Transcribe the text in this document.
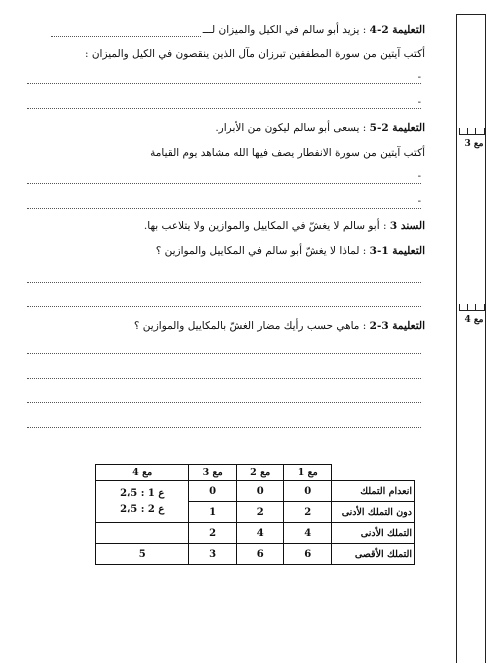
مع 3
مع 4
التعليمة 2-4 : يزيد أبو سالم في الكيل والميزان لـــ
أكتب آيتين من سورة المطففين تبرزان مآل الذين ينقصون في الكيل والميزان :
-
-
التعليمة 2-5 : يسعى أبو سالم ليكون من الأبرار.
أكتب آيتين من سورة الانفطار يصف فيها الله مشاهد يوم القيامة
-
-
السند 3 : أبو سالم لا يغشّ في المكاييل والموازين ولا يتلاعب بها.
التعليمة 1-3 : لماذا لا يغشّ أبو سالم في المكاييل والموازين ؟
التعليمة 3-2 : ماهي حسب رأيك مضار الغشّ بالمكاييل والموازين ؟
	مع 1	مع 2	مع 3	مع 4
انعدام التملك	0	0	0	ع 1 : 2،5
ع 2 : 2،5

دون التملك الأدنى	2	2	1	
التملك الأدنى	4	4	2	
التملك الأقصى	6	6	3	5
